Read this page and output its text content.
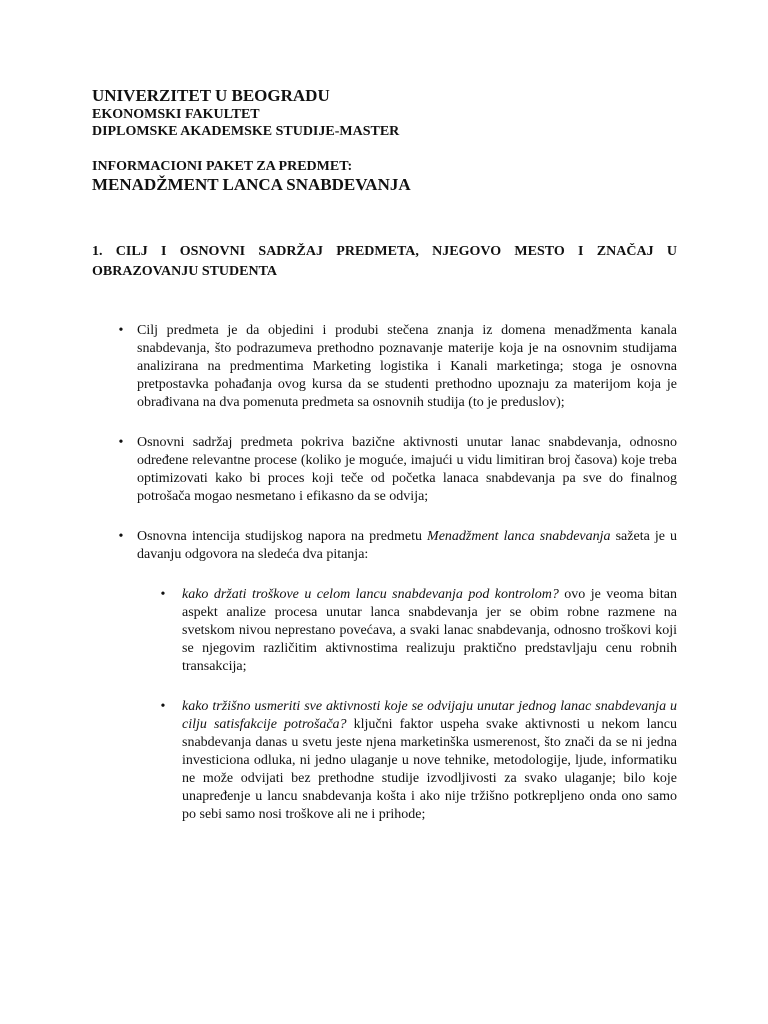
UNIVERZITET U BEOGRADU
EKONOMSKI FAKULTET
DIPLOMSKE AKADEMSKE STUDIJE-MASTER
INFORMACIONI PAKET ZA PREDMET:
MENADŽMENT LANCA SNABDEVANJA
1. CILJ I OSNOVNI SADRŽAJ PREDMETA, NJEGOVO MESTO I ZNAČAJ U OBRAZOVANJU STUDENTA
• Cilj predmeta je da objedini i produbi stečena znanja iz domena menadžmenta kanala snabdevanja, što podrazumeva prethodno poznavanje materije koja je na osnovnim studijama analizirana na predmentima Marketing logistika i Kanali marketinga; stoga je osnovna pretpostavka pohađanja ovog kursa da se studenti prethodno upoznaju za materijom koja je obrađivana na dva pomenuta predmeta sa osnovnih studija (to je preduslov);
• Osnovni sadržaj predmeta pokriva bazične aktivnosti unutar lanac snabdevanja, odnosno određene relevantne procese (koliko je moguće, imajući u vidu limitiran broj časova) koje treba optimizovati kako bi proces koji teče od početka lanaca snabdevanja pa sve do finalnog potrošača mogao nesmetano i efikasno da se odvija;
• Osnovna intencija studijskog napora na predmetu Menadžment lanca snabdevanja sažeta je u davanju odgovora na sledeća dva pitanja:
• kako držati troškove u celom lancu snabdevanja pod kontrolom? ovo je veoma bitan aspekt analize procesa unutar lanca snabdevanja jer se obim robne razmene na svetskom nivou neprestano povećava, a svaki lanac snabdevanja, odnosno troškovi koji se njegovim različitim aktivnostima realizuju praktično predstavljaju cenu robnih transakcija;
• kako tržišno usmeriti sve aktivnosti koje se odvijaju unutar jednog lanac snabdevanja u cilju satisfakcije potrošača? ključni faktor uspeha svake aktivnosti u nekom lancu snabdevanja danas u svetu jeste njena marketinška usmerenost, što znači da se ni jedna investiciona odluka, ni jedno ulaganje u nove tehnike, metodologije, ljude, informatiku ne može odvijati bez prethodne studije izvodljivosti za svako ulaganje; bilo koje unapređenje u lancu snabdevanja košta i ako nije tržišno potkrepljeno onda ono samo po sebi samo nosi troškove ali ne i prihode;
